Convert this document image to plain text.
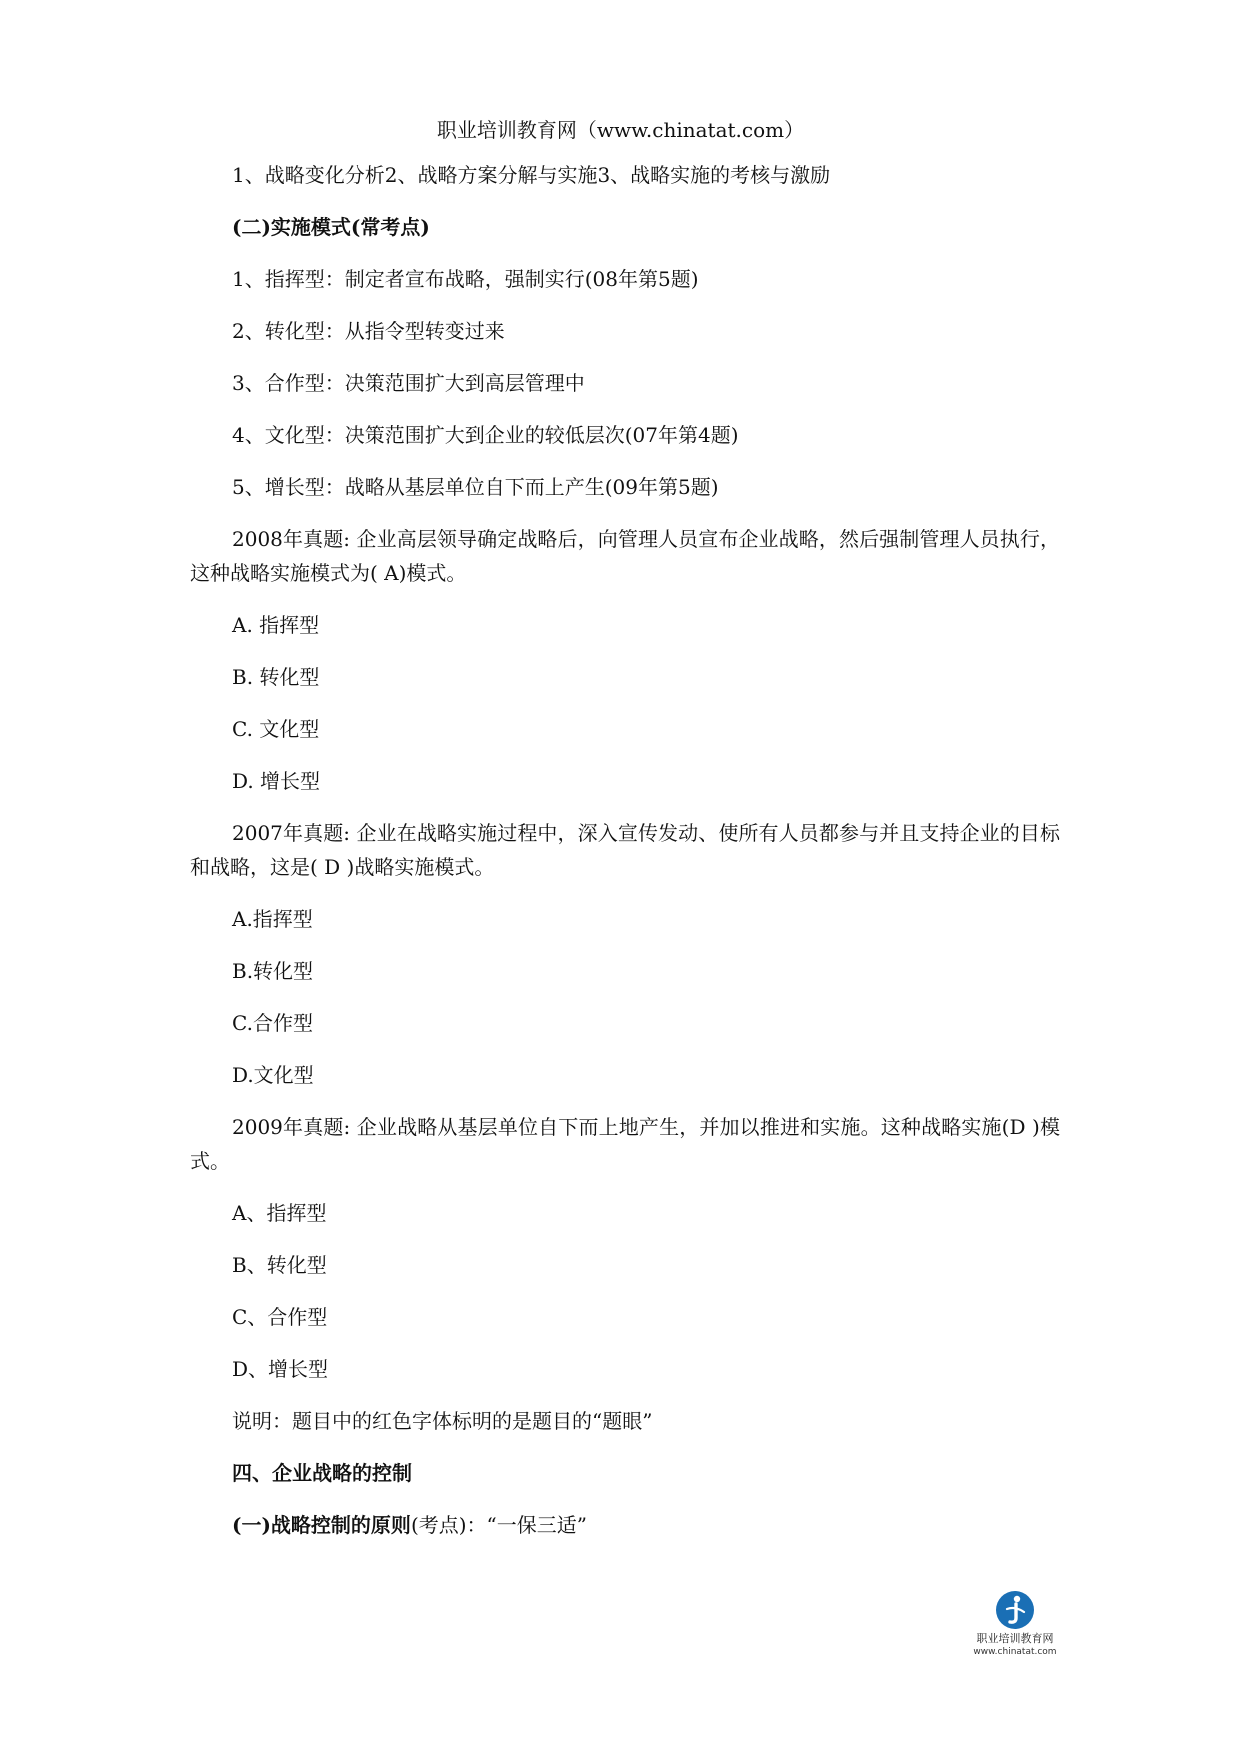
职业培训教育网（www.chinatat.com）
1、战略变化分析2、战略方案分解与实施3、战略实施的考核与激励
(二)实施模式(常考点)
1、指挥型：制定者宣布战略，强制实行(08年第5题)
2、转化型：从指令型转变过来
3、合作型：决策范围扩大到高层管理中
4、文化型：决策范围扩大到企业的较低层次(07年第4题)
5、增长型：战略从基层单位自下而上产生(09年第5题)
2008年真题: 企业高层领导确定战略后，向管理人员宣布企业战略，然后强制管理人员执行，这种战略实施模式为( A)模式。
A. 指挥型
B. 转化型
C. 文化型
D. 增长型
2007年真题: 企业在战略实施过程中，深入宣传发动、使所有人员都参与并且支持企业的目标和战略，这是( D )战略实施模式。
A.指挥型
B.转化型
C.合作型
D.文化型
2009年真题: 企业战略从基层单位自下而上地产生，并加以推进和实施。这种战略实施(D )模式。
A、指挥型
B、转化型
C、合作型
D、增长型
说明：题目中的红色字体标明的是题目的“题眼”
四、企业战略的控制
(一)战略控制的原则(考点)：“一保三适”
职业培训教育网
www.chinatat.com
